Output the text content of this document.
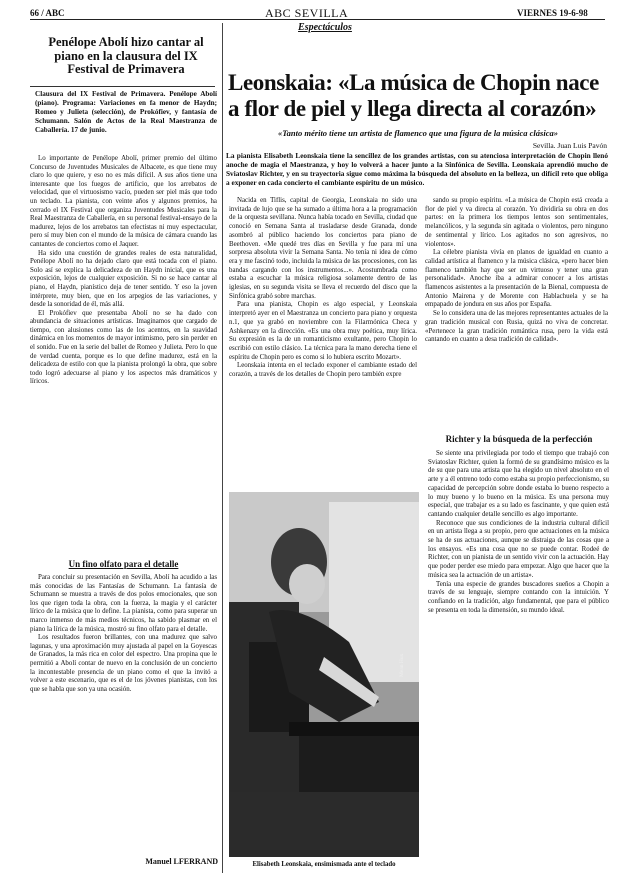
66 / ABC	ABC SEVILLA	VIERNES 19-6-98
Espectáculos
Penélope Abolí hizo cantar al piano en la clausura del IX Festival de Primavera
Clausura del IX Festival de Primavera. Penélope Abolí (piano). Programa: Variaciones en fa menor de Haydn; Romeo y Julieta (selección), de Prokófiev, y fantasía de Schumann. Salón de Actos de la Real Maestranza de Caballería. 17 de junio.

Lo importante de Penélope Abolí, primer premio del último Concurso de Juventudes Musicales de Albacete, es que tiene muy claro lo que quiere, y eso no es más difícil. A sus años tiene una interesante que los fuegos de artificio, que los arrebatos de velocidad, que el virtuosismo vacío, pueden ser piel más que todo un teclado. La pianista, con veinte años y algunos premios, ha cerrado el IX Festival que organiza Juventudes Musicales para la Real Maestranza de Caballería, en su personal festival-ensayo de la madurez, lejos de los arrebatos tan efectistas ni muy espectacular, pero sí muy bien con el mundo de la música de cámara cuando las cantantes de conciertos como el Jaquer.

Ha sido una cuestión de grandes reales de esta naturalidad, Penélope Abolí no ha dejado claro que está tocada con el piano. Solo así se explica la delicadeza de un Haydn inicial, que es una exposición, lejos de cualquier exposición. Si no se hace cantar al piano, el Haydn, pianístico deja de tener sentido. Y eso la joven intérprete, muy bien, que en los arpegios de las variaciones, y desde la sonoridad de él, más allá.

El Prokófiev que presentaba Abolí no se ha dado con abundancia de situaciones artísticas. Imaginamos que cargado de tiempo, con alusiones como las de los acentos, en la suavidad dinámica en los momentos de mayor intimismo, pero sin perder en el sonido. Fue en la serie del ballet de Romeo y Julieta. Pero lo que de verdad cuenta, porque es lo que define madurez, está en la delicadeza de estilo con que la pianista prolongó la obra, que sobre todo logró adecuarse al piano y los aspectos más dramáticos y líricos.

Un fino olfato para el detalle

Para concluir su presentación en Sevilla, Abolí ha acudido a las más conocidas de las Fantasías de Schumann. La fantasía de Schumann se muestra a través de dos polos emocionales, que son los que rigen toda la obra, con la fuerza, la magia y el carácter lírico de la música que lo define. La pianista, como para superar un marco inmenso de más medios técnicos, ha sabido plasmar en el piano la lírica de la música, mostró su fino olfato para el detalle.

Los resultados fueron brillantes, con una madurez que salvo lagunas, y una aproximación muy ajustada al papel en la Goyescas de Granados, la más rica en color del espectro. Una propina que le permitió a Abolí contar de nuevo en la conclusión de un concierto la incontestable presencia de un piano como el que la invitó a volver a este escenario, que es el de los jóvenes pianistas, con los que se habla que son ya una ocasión.

Manuel LFERRAND
Leonskaia: «La música de Chopin nace a flor de piel y llega directa al corazón»
«Tanto mérito tiene un artista de flamenco que una figura de la música clásica»
Sevilla. Juan Luis Pavón
La pianista Elisabeth Leonskaia tiene la sencillez de los grandes artistas, con su atenciosa interpretación de Chopin llenó anoche de magia el Maestranza, y hoy lo volverá a hacer junto a la Sinfónica de Sevilla. Leonskaia aprendió mucho de Sviatoslav Richter, y en su trayectoria sigue como máxima la búsqueda del absoluto en la belleza, un difícil reto que obliga a exponer en cada concierto el cambiante espíritu de un músico.

Nacida en Tiflis, capital de Georgia, Leonskaia no sido una invitada de lujo que se ha sumado a última hora a la programación de la orquesta sevillana. Nunca había tocado en Sevilla, ciudad que conoció en Semana Santa al trasladarse desde Granada, donde asombró al público haciendo los conciertos para piano de Beethoven. «Me quedé tres días en Sevilla y fue para mí una sorpresa absoluta vivir la Semana Santa. No tenía ni idea de cómo era y me fascinó todo, incluida la música de las procesiones, con las bandas cargando con los instrumentos...». Acostumbrada como estaba a escuchar la música religiosa solamente dentro de las iglesias, en su segunda visita se lleva el recuerdo del disco que la Sinfónica grabó sobre marchas.

Para una pianista, Chopin es algo especial, y Leonskaia interpretó ayer en el Maestranza un concierto para piano y orquesta n.1, que ya grabó en noviembre con la Filarmónica Checa y Ashkenazy en la dirección. «Es una obra muy poética, muy lírica. Su expresión es la de un romanticismo exultante, pero Chopin lo escribió con estilo clásico. La técnica para la mano derecha tiene el espíritu de Chopin pero es como si lo hubiera escrito Mozart».

Leonskaia intenta en el teclado exponer el cambiante estado del corazón, a través de los detalles de Chopin pero también expre

sando su propio espíritu. «La música de Chopin está creada a flor de piel y va directa al corazón. Yo dividiría su obra en dos partes: en la primera los tiempos lentos son sentimentales, melancólicos, y la segunda sin agitada o violentos, pero ninguno de sentimental y lírico. Los agitados no son agresivos, no violentos».

La célebre pianista vivía en planos de igualdad en cuanto a calidad artística al flamenco y la música clásica, «pero hacer bien flamenco también hay que ser un virtuoso y tener una gran personalidad». Anoche iba a admirar conocer a los artistas flamencos asistentes a la presentación de la Bienal, compuesta de Antonio Mairena y de Morente con Hablachuela y se ha empapado de jondura en sus años por España.

Se lo considera una de las mejores representantes actuales de la gran tradición musical con Rusia, quizá no viva de concretar. «Pertenece la gran tradición romántica rusa, pero la vida está cantando en cuanto a desa tradición de calidad».

Richter y la búsqueda de la perfección

Se siente una privilegiada por todo el tiempo que trabajó con Sviatoslav Richter, quien la formó de su grandísimo músico es la de su que para una artista que ha elegido un nivel absoluto en el arte y a él entreno todo como estaba su propio perfeccionismo, su capacidad de percepción sobre donde estaba lo bueno respecto a lo muy bueno y lo bueno en la música. Es una persona muy especial, que trabajar es a su lado es fascinante, y que quien está cantando cualquier detalle sencillo es algo importante.

Reconoce que sus condiciones de la industria cultural difícil en un artista llega a su propio, pero que actuaciones en la música se ha de sus actuaciones, aunque se distraiga de las cosas que a los ensayos. «Es una cosa que no se puede contar. Rodeé de Richter, con un pianista de un sentido vivir con la actuación. Hay que poder perder ese miedo para empezar. Algo que hacer que la música sea la actuación de un artista».

Tenía una especie de grandes buscadores sueños a Chopin a través de su lenguaje, siempre contando con la intuición. Y confiando en la tradición, algo fundamental, que para el público se presenta en toda la dimensión, su mundo ideal.

Mean Hux
Elisabeth Leonskaia, ensimismada ante el teclado
